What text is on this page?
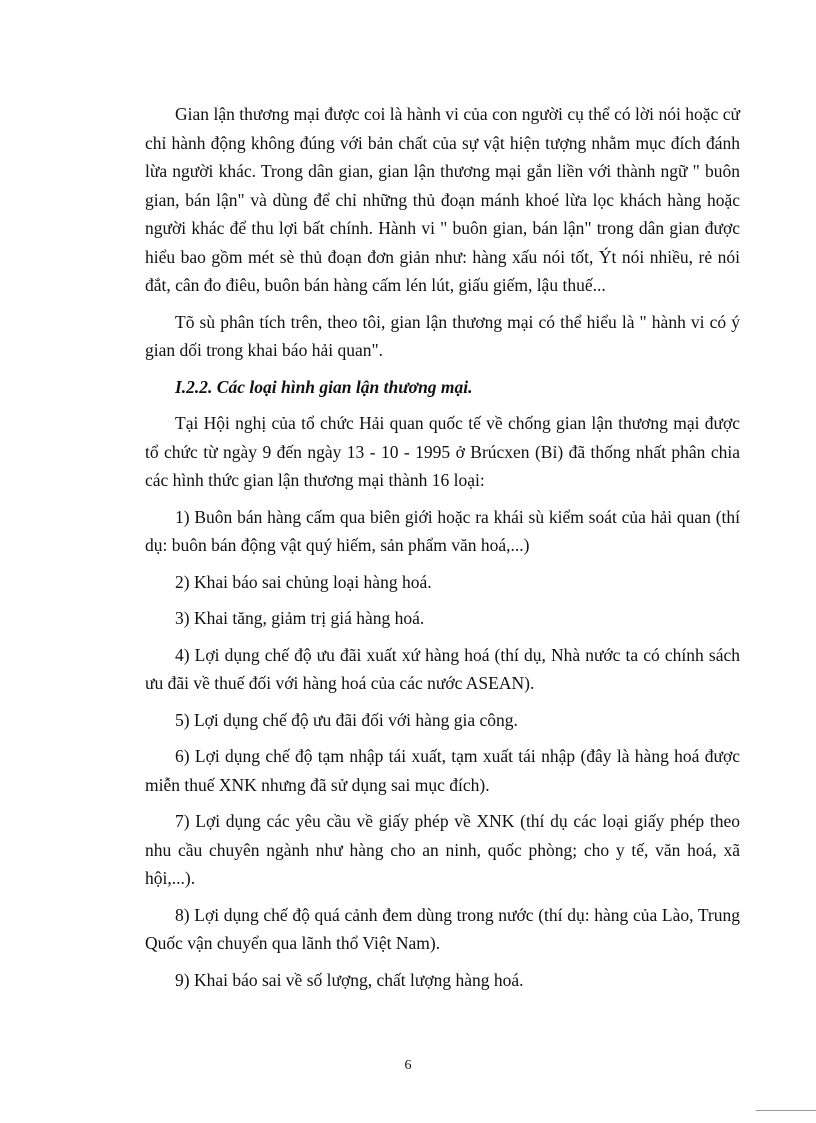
Gian lận thương mại được coi là hành vi của con người cụ thể có lời nói hoặc cử chỉ hành động không đúng với bản chất của sự vật hiện tượng nhằm mục đích đánh lừa người khác. Trong dân gian, gian lận thương mại gắn liền với thành ngữ " buôn gian, bán lận" và dùng để chỉ những thủ đoạn mánh khoé lừa lọc khách hàng hoặc người khác để thu lợi bất chính. Hành vi " buôn gian, bán lận" trong dân gian được hiểu bao gồm mét sè thủ đoạn đơn giản như: hàng xấu nói tốt, Ýt nói nhiều, rẻ nói đắt, cân đo điêu, buôn bán hàng cấm lén lút, giấu giếm, lậu thuế...

Tõ sù phân tích trên, theo tôi, gian lận thương mại có thể hiểu là " hành vi có ý gian dối trong khai báo hải quan".

I.2.2. Các loại hình gian lận thương mại.

Tại Hội nghị của tổ chức Hải quan quốc tế về chống gian lận thương mại được tổ chức từ ngày 9 đến ngày 13 - 10 - 1995 ở Brúcxen (Bỉ) đã thống nhất phân chia các hình thức gian lận thương mại thành 16 loại:

1) Buôn bán hàng cấm qua biên giới hoặc ra khái sù kiểm soát của hải quan (thí dụ: buôn bán động vật quý hiếm, sản phẩm văn hoá,...)

2) Khai báo sai chủng loại hàng hoá.

3) Khai tăng, giảm trị giá hàng hoá.

4) Lợi dụng chế độ ưu đãi xuất xứ hàng hoá (thí dụ, Nhà nước ta có chính sách ưu đãi về thuế đối với hàng hoá của các nước ASEAN).

5) Lợi dụng chế độ ưu đãi đối với hàng gia công.

6) Lợi dụng chế độ tạm nhập tái xuất, tạm xuất tái nhập (đây là hàng hoá được miễn thuế XNK nhưng đã sử dụng sai mục đích).

7) Lợi dụng các yêu cầu về giấy phép về XNK (thí dụ các loại giấy phép theo nhu cầu chuyên ngành như hàng cho an ninh, quốc phòng; cho y tế, văn hoá, xã hội,...).

8) Lợi dụng chế độ quá cảnh đem dùng trong nước (thí dụ: hàng của Lào, Trung Quốc vận chuyển qua lãnh thổ Việt Nam).

9) Khai báo sai về số lượng, chất lượng hàng hoá.

6
